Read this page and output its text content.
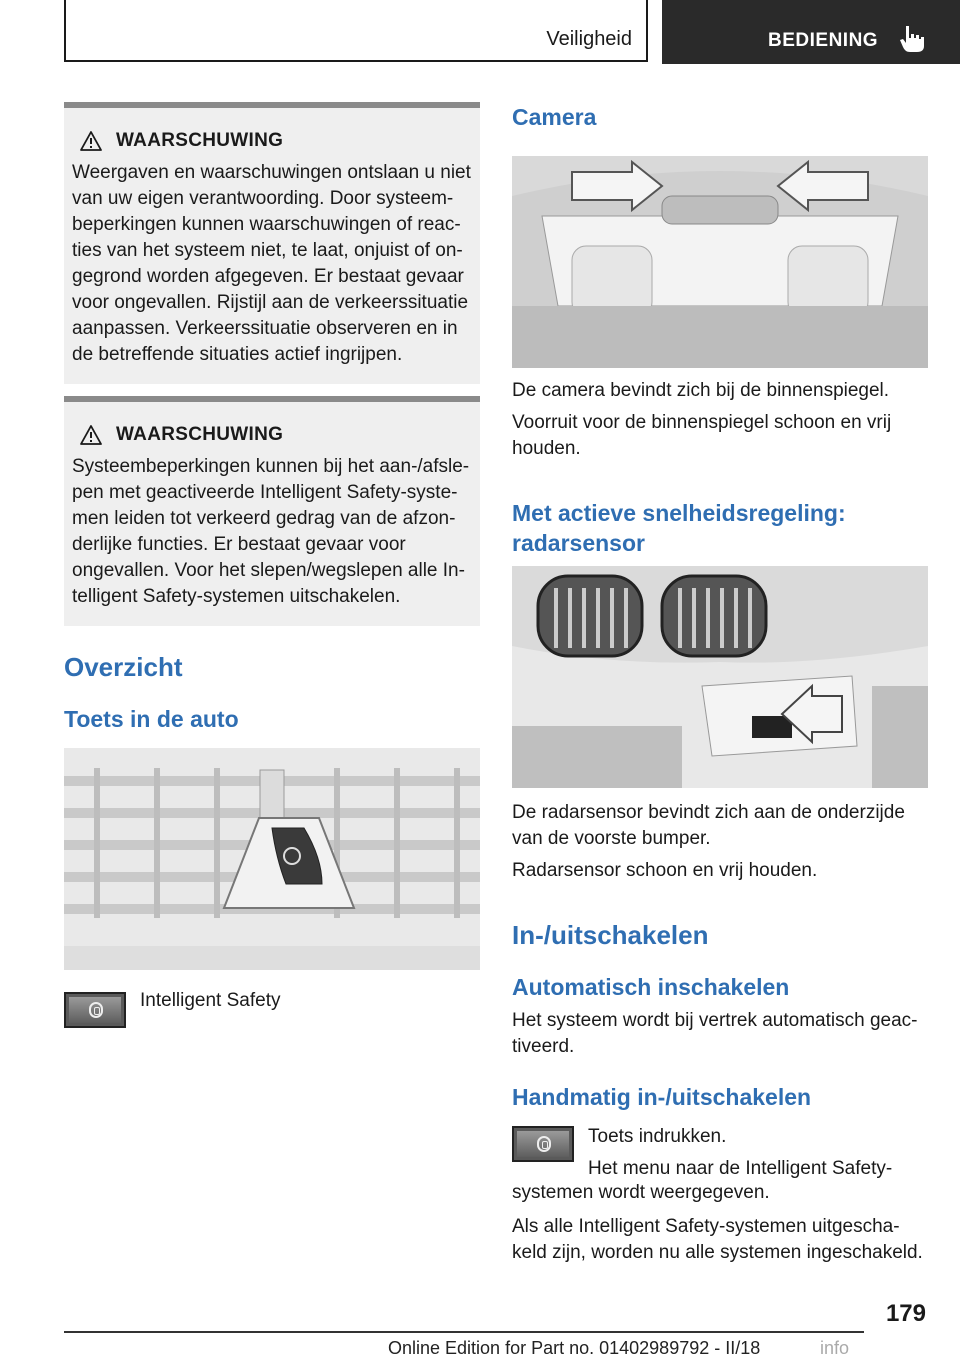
Veiligheid	BEDIENING
WAARSCHUWING
Weergaven en waarschuwingen ontslaan u niet van uw eigen verantwoording. Door systeem-beperkingen kunnen waarschuwingen of reac-ties van het systeem niet, te laat, onjuist of on-gegrond worden afgegeven. Er bestaat gevaar voor ongevallen. Rijstijl aan de verkeerssituatie aanpassen. Verkeerssituatie observeren en in de betreffende situaties actief ingrijpen.
WAARSCHUWING
Systeembeperkingen kunnen bij het aan-/afsle-pen met geactiveerde Intelligent Safety-syste-men leiden tot verkeerd gedrag van de afzon-derlijke functies. Er bestaat gevaar voor ongevallen. Voor het slepen/wegslepen alle In-telligent Safety-systemen uitschakelen.
Overzicht
Toets in de auto
Intelligent Safety
Camera
De camera bevindt zich bij de binnenspiegel.
Voorruit voor de binnenspiegel schoon en vrij houden.
Met actieve snelheidsregeling: radarsensor
De radarsensor bevindt zich aan de onderzijde van de voorste bumper.
Radarsensor schoon en vrij houden.
In-/uitschakelen
Automatisch inschakelen
Het systeem wordt bij vertrek automatisch geac-tiveerd.
Handmatig in-/uitschakelen
Toets indrukken.
Het menu naar de Intelligent Safety-
systemen wordt weergegeven.
Als alle Intelligent Safety-systemen uitgescha-keld zijn, worden nu alle systemen ingeschakeld.
179
Online Edition for Part no. 01402989792 - II/18	info
